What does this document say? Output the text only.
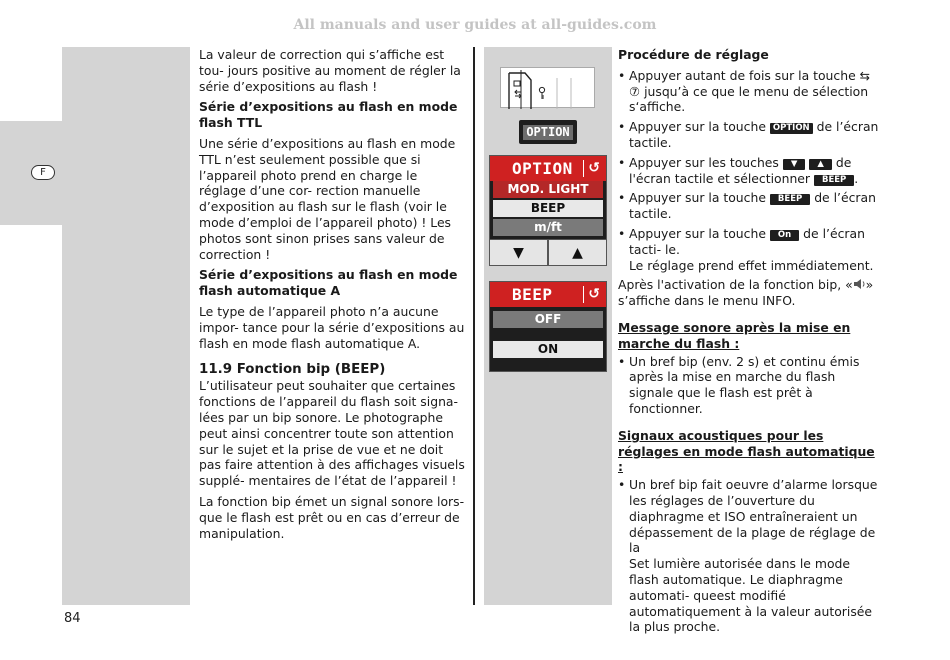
All manuals and user guides at all-guides.com
F

La valeur de correction qui s’affiche est tou- jours positive au moment de régler la série d’expositions au flash !

Série d’expositions au flash en mode flash TTL

Une série d’expositions au flash en mode TTL n’est seulement possible que si l’appareil photo prend en charge le réglage d’une cor- rection manuelle d’exposition au flash sur le flash (voir le mode d’emploi de l’appareil photo) ! Les photos sont sinon prises sans valeur de correction !

Série d’expositions au flash en mode flash automatique A

Le type de l’appareil photo n’a aucune impor- tance pour la série d’expositions au flash en mode flash automatique A.

11.9 Fonction bip (BEEP)

L’utilisateur peut souhaiter que certaines fonctions de l’appareil du flash soit signa- lées par un bip sonore. Le photographe peut ainsi concentrer toute son attention sur le sujet et la prise de vue et ne doit pas faire attention à des affichages visuels supplé- mentaires de l’état de l’appareil !

La fonction bip émet un signal sonore lors- que le flash est prêt ou en cas d’erreur de manipulation.

OPTION
OPTION	↺
MOD. LIGHT
BEEP
m/ft
▼	▲
BEEP	↺
OFF
ON
Procédure de réglage
• Appuyer autant de fois sur la touche ⇆ ⑦ jusqu’à ce que le menu de sélection s‘affiche.
• Appuyer sur la touche OPTION de l’écran tactile.
• Appuyer sur les touches ▼ ▲ de l'écran tactile et sélectionner BEEP .
• Appuyer sur la touche BEEP de l’écran tactile.
• Appuyer sur la touche On de l’écran tacti- le.
Le réglage prend effet immédiatement.

Après l'activation de la fonction bip, « » s’affiche dans le menu INFO.

Message sonore après la mise en marche du flash :
• Un bref bip (env. 2 s) et continu émis après la mise en marche du flash signale que le flash est prêt à fonctionner.
Signaux acoustiques pour les réglages en mode flash automatique :
• Un bref bip fait oeuvre d’alarme lorsque les réglages de l’ouverture du diaphragme et ISO entraîneraient un dépassement de la plage de réglage de la
Set lumière autorisée dans le mode flash automatique. Le diaphragme automati- queest modifié automatiquement à la valeur autorisée la plus proche.
84
